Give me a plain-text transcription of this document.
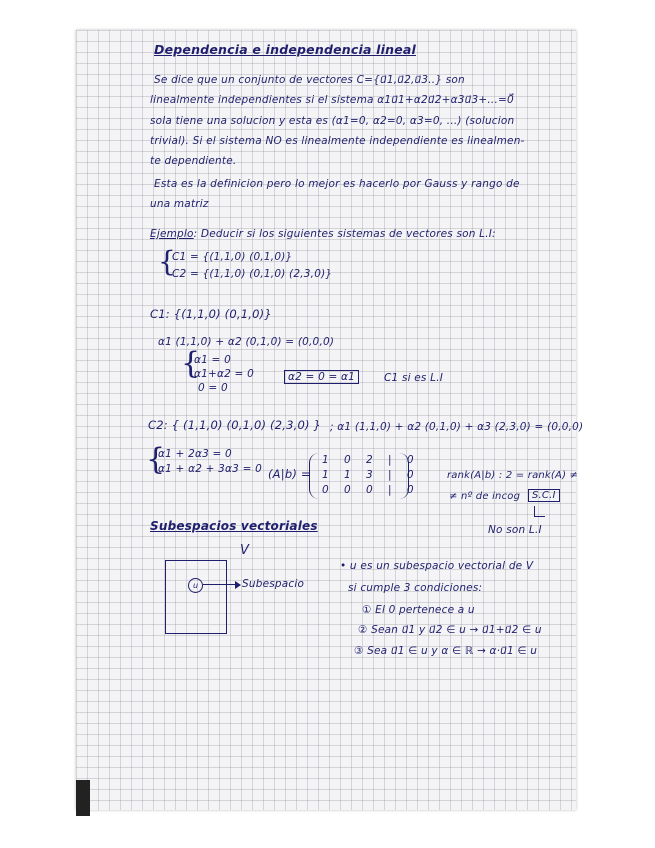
Dependencia e independencia lineal
Se dice que un conjunto de vectores C={u⃗1,u⃗2,u⃗3..} son
linealmente independientes si el sistema α1u⃗1+α2u⃗2+α3u⃗3+...=0⃗
sola tiene una solucion y esta es (α1=0, α2=0, α3=0, ...) (solucion
trivial). Si el sistema NO es linealmente independiente es linealmen-
te dependiente.
Esta es la definicion pero lo mejor es hacerlo por Gauss y rango de
una matriz
Ejemplo: Deducir si los siguientes sistemas de vectores son L.I:
{
C1 = {(1,1,0) (0,1,0)}
C2 = {(1,1,0) (0,1,0) (2,3,0)}
C1: {(1,1,0) (0,1,0)}
α1 (1,1,0) + α2 (0,1,0) = (0,0,0)
{
α1 = 0
α1+α2 = 0
0 = 0
α2 = 0 = α1	C1 si es L.I
C2: { (1,1,0) (0,1,0) (2,3,0) } ; α1 (1,1,0) + α2 (0,1,0) + α3 (2,3,0) = (0,0,0)
{
α1 + 2α3 = 0
α1 + α2 + 3α3 = 0 (A|b) =
1 0 2 | 0
1 1 3 | 0
0 0 0 | 0
rank(A|b) : 2 = rank(A) ≠
≠ nº de incog	S.C.I
No son L.I
Subespacios vectoriales
V
u	Subespacio
• u es un subespacio vectorial de V
si cumple 3 condiciones:
① El 0 pertenece a u
② Sean u⃗1 y u⃗2 ∈ u → u⃗1+u⃗2 ∈ u
③ Sea u⃗1 ∈ u y α ∈ ℝ → α·u⃗1 ∈ u
